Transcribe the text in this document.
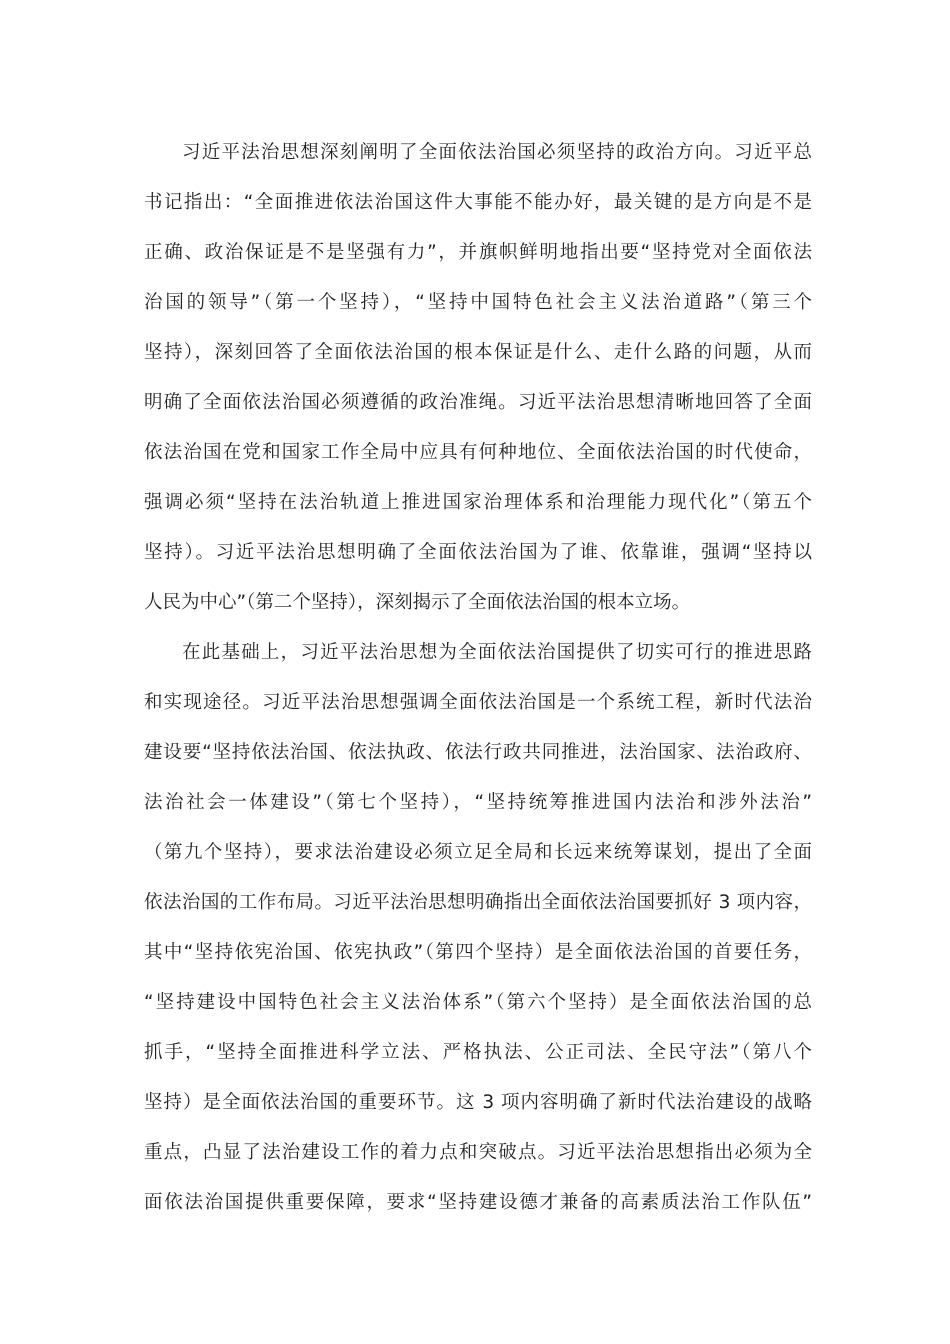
习近平法治思想深刻阐明了全面依法治国必须坚持的政治方向。习近平总
书记指出：“全面推进依法治国这件大事能不能办好，最关键的是方向是不是
正确、政治保证是不是坚强有力”，并旗帜鲜明地指出要“坚持党对全面依法
治国的领导”（第一个坚持），“坚持中国特色社会主义法治道路”（第三个
坚持），深刻回答了全面依法治国的根本保证是什么、走什么路的问题，从而
明确了全面依法治国必须遵循的政治准绳。习近平法治思想清晰地回答了全面
依法治国在党和国家工作全局中应具有何种地位、全面依法治国的时代使命，
强调必须“坚持在法治轨道上推进国家治理体系和治理能力现代化”（第五个
坚持）。习近平法治思想明确了全面依法治国为了谁、依靠谁，强调“坚持以
人民为中心”（第二个坚持），深刻揭示了全面依法治国的根本立场。
在此基础上，习近平法治思想为全面依法治国提供了切实可行的推进思路
和实现途径。习近平法治思想强调全面依法治国是一个系统工程，新时代法治
建设要“坚持依法治国、依法执政、依法行政共同推进，法治国家、法治政府、
法治社会一体建设”（第七个坚持），“坚持统筹推进国内法治和涉外法治”
（第九个坚持），要求法治建设必须立足全局和长远来统筹谋划，提出了全面
依法治国的工作布局。习近平法治思想明确指出全面依法治国要抓好 3 项内容，
其中“坚持依宪治国、依宪执政”（第四个坚持）是全面依法治国的首要任务，
“坚持建设中国特色社会主义法治体系”（第六个坚持）是全面依法治国的总
抓手，“坚持全面推进科学立法、严格执法、公正司法、全民守法”（第八个
坚持）是全面依法治国的重要环节。这 3 项内容明确了新时代法治建设的战略
重点，凸显了法治建设工作的着力点和突破点。习近平法治思想指出必须为全
面依法治国提供重要保障，要求“坚持建设德才兼备的高素质法治工作队伍”
